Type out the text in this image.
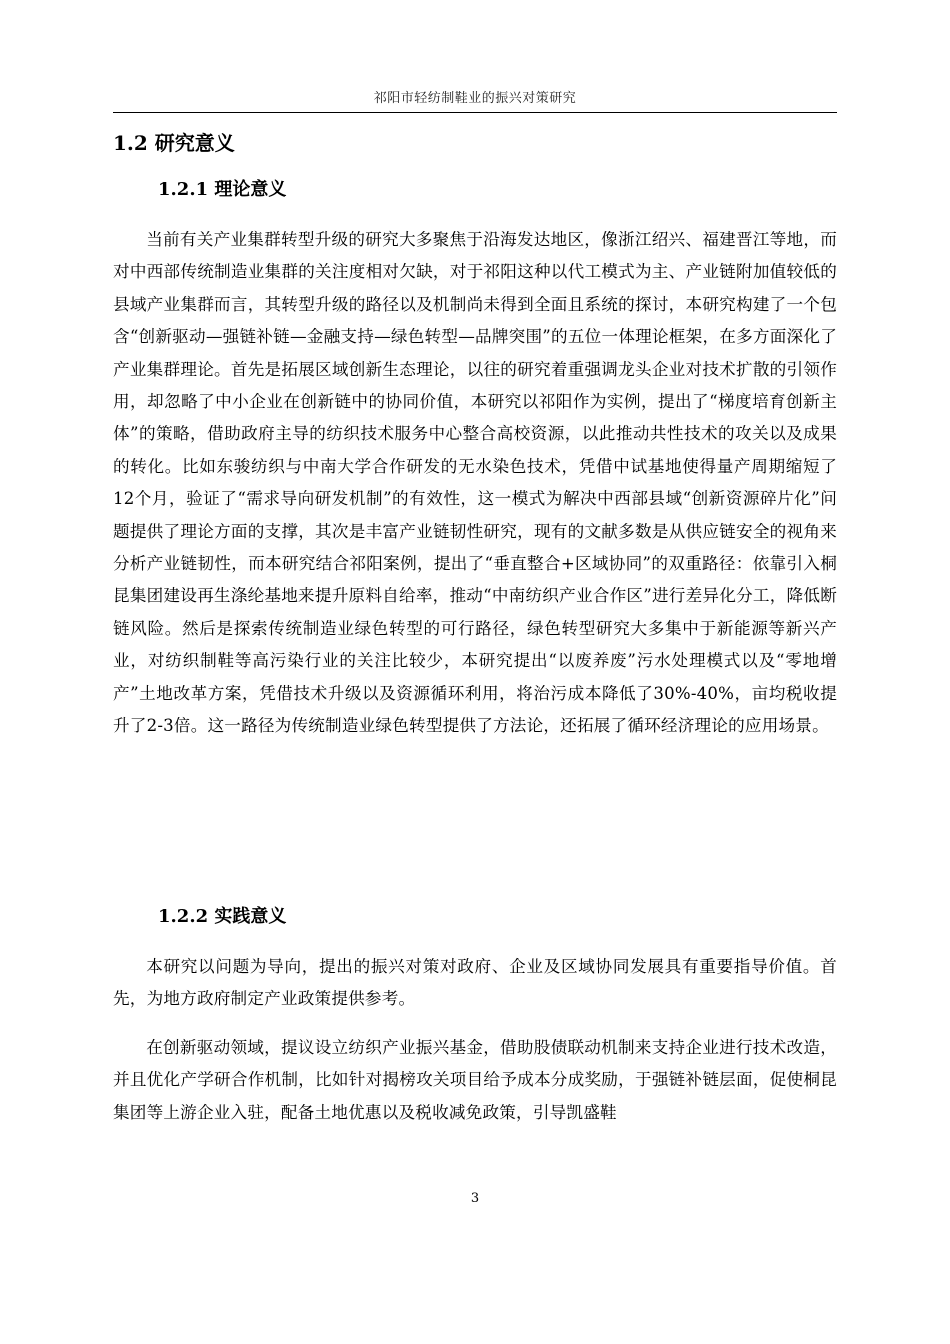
祁阳市轻纺制鞋业的振兴对策研究
1.2 研究意义
1.2.1 理论意义

当前有关产业集群转型升级的研究大多聚焦于沿海发达地区，像浙江绍兴、福建晋江等地，而对中西部传统制造业集群的关注度相对欠缺，对于祁阳这种以代工模式为主、产业链附加值较低的县域产业集群而言，其转型升级的路径以及机制尚未得到全面且系统的探讨，本研究构建了一个包含“创新驱动—强链补链—金融支持—绿色转型—品牌突围”的五位一体理论框架，在多方面深化了产业集群理论。首先是拓展区域创新生态理论，以往的研究着重强调龙头企业对技术扩散的引领作用，却忽略了中小企业在创新链中的协同价值，本研究以祁阳作为实例，提出了“梯度培育创新主体”的策略，借助政府主导的纺织技术服务中心整合高校资源，以此推动共性技术的攻关以及成果的转化。比如东骏纺织与中南大学合作研发的无水染色技术，凭借中试基地使得量产周期缩短了12个月，验证了“需求导向研发机制”的有效性，这一模式为解决中西部县域“创新资源碎片化”问题提供了理论方面的支撑，其次是丰富产业链韧性研究，现有的文献多数是从供应链安全的视角来分析产业链韧性，而本研究结合祁阳案例，提出了“垂直整合+区域协同”的双重路径：依靠引入桐昆集团建设再生涤纶基地来提升原料自给率，推动“中南纺织产业合作区”进行差异化分工，降低断链风险。然后是探索传统制造业绿色转型的可行路径，绿色转型研究大多集中于新能源等新兴产业，对纺织制鞋等高污染行业的关注比较少，本研究提出“以废养废”污水处理模式以及“零地增产”土地改革方案，凭借技术升级以及资源循环利用，将治污成本降低了30%-40%，亩均税收提升了2-3倍。这一路径为传统制造业绿色转型提供了方法论，还拓展了循环经济理论的应用场景。

1.2.2 实践意义

本研究以问题为导向，提出的振兴对策对政府、企业及区域协同发展具有重要指导价值。首先，为地方政府制定产业政策提供参考。

在创新驱动领域，提议设立纺织产业振兴基金，借助股债联动机制来支持企业进行技术改造，并且优化产学研合作机制，比如针对揭榜攻关项目给予成本分成奖励，于强链补链层面，促使桐昆集团等上游企业入驻，配备土地优惠以及税收减免政策，引导凯盛鞋

3
